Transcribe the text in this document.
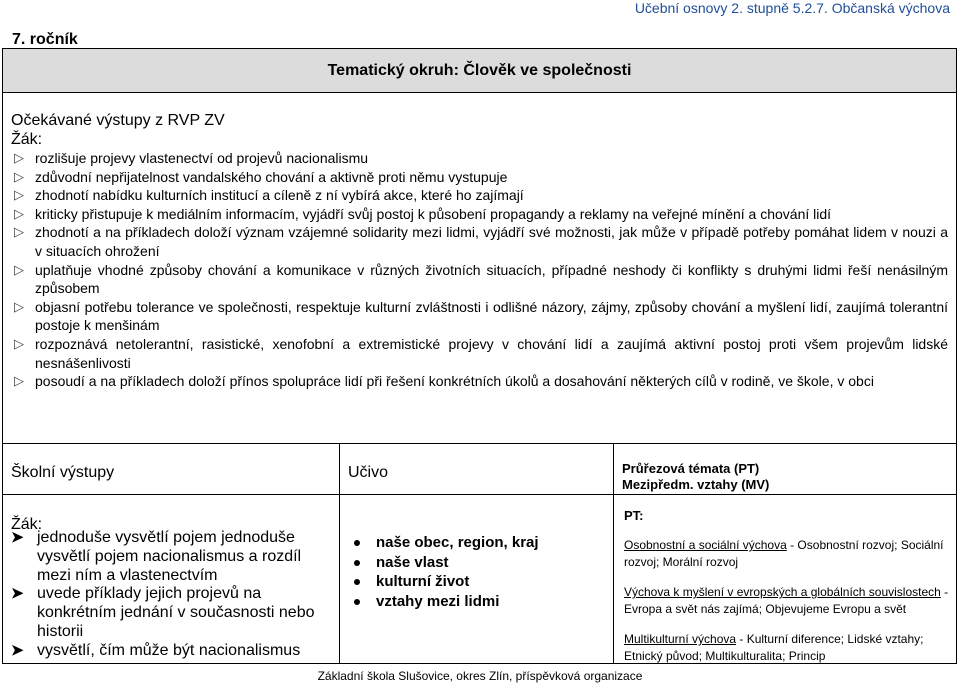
Učební osnovy 2. stupně 5.2.7. Občanská výchova
7. ročník
Tematický okruh: Člověk ve společnosti
Očekávané výstupy z RVP ZV
Žák:
▷ rozlišuje projevy vlastenectví od projevů nacionalismu
▷ zdůvodní nepřijatelnost vandalského chování a aktivně proti němu vystupuje
▷ zhodnotí nabídku kulturních institucí a cíleně z ní vybírá akce, které ho zajímají
▷ kriticky přistupuje k mediálním informacím, vyjádří svůj postoj k působení propagandy a reklamy na veřejné mínění a chování lidí
▷ zhodnotí a na příkladech doloží význam vzájemné solidarity mezi lidmi, vyjádří své možnosti, jak může v případě potřeby pomáhat lidem v nouzi a v situacích ohrožení
▷ uplatňuje vhodné způsoby chování a komunikace v různých životních situacích, případné neshody či konflikty s druhými lidmi řeší nenásilným způsobem
▷ objasní potřebu tolerance ve společnosti, respektuje kulturní zvláštnosti i odlišné názory, zájmy, způsoby chování a myšlení lidí, zaujímá tolerantní postoje k menšinám
▷ rozpoznává netolerantní, rasistické, xenofobní a extremistické projevy v chování lidí a zaujímá aktivní postoj proti všem projevům lidské nesnášenlivosti
▷ posoudí a na příkladech doloží přínos spolupráce lidí při řešení konkrétních úkolů a dosahování některých cílů v rodině, ve škole, v obci
Školní výstupy
Žák:
➤ jednoduše vysvětlí pojem jednoduše vysvětlí pojem nacionalismus a rozdíl mezi ním a vlastenectvím
➤ uvede příklady jejich projevů na konkrétním jednání v současnosti nebo historii
➤ vysvětlí, čím může být nacionalismus
Učivo
naše obec, region, kraj
naše vlast
kulturní život
vztahy mezi lidmi
Průřezová témata (PT)
Mezipředm. vztahy (MV)
PT:
Osobnostní a sociální výchova - Osobnostní rozvoj; Sociální rozvoj; Morální rozvoj
Výchova k myšlení v evropských a globálních souvislostech - Evropa a svět nás zajímá; Objevujeme Evropu a svět
Multikulturní výchova - Kulturní diference; Lidské vztahy; Etnický původ; Multikulturalita; Princip
Základní škola Slušovice, okres Zlín, příspěvková organizace
